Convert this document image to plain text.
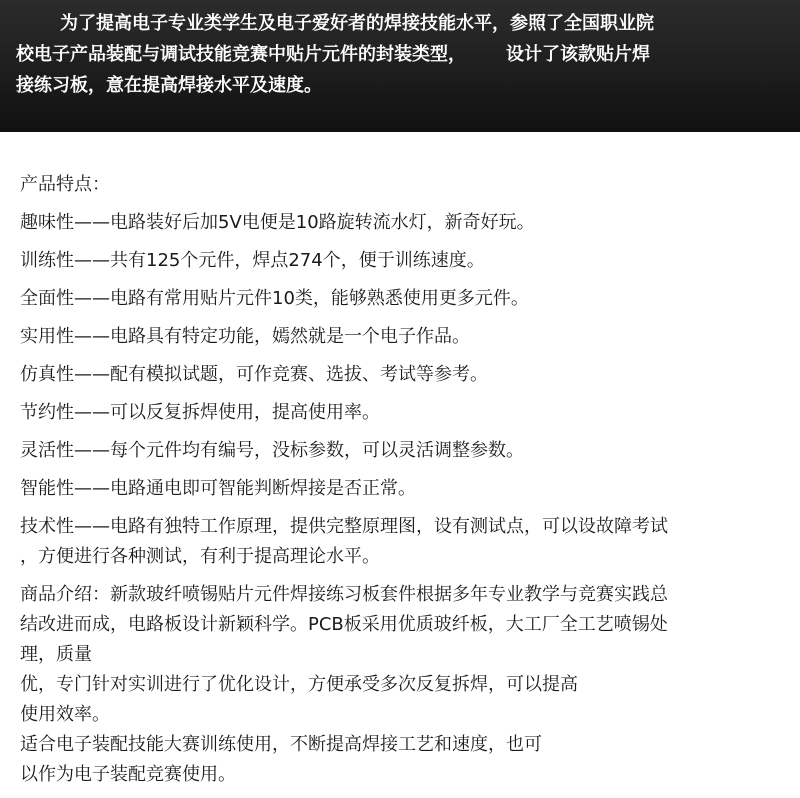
为了提高电子专业类学生及电子爱好者的焊接技能水平，参照了全国职业院

校电子产品装配与调试技能竞赛中贴片元件的封装类型， 设计了该款贴片焊

接练习板，意在提高焊接水平及速度。

产品特点：

趣味性——电路装好后加5V电便是10路旋转流水灯，新奇好玩。

训练性——共有125个元件，焊点274个，便于训练速度。

全面性——电路有常用贴片元件10类，能够熟悉使用更多元件。

实用性——电路具有特定功能，嫣然就是一个电子作品。

仿真性——配有模拟试题，可作竞赛、选拔、考试等参考。

节约性——可以反复拆焊使用，提高使用率。

灵活性——每个元件均有编号，没标参数，可以灵活调整参数。

智能性——电路通电即可智能判断焊接是否正常。

技术性——电路有独特工作原理，提供完整原理图，设有测试点，可以设故障考试
，方便进行各种测试，有利于提高理论水平。

商品介绍：新款玻纤喷锡贴片元件焊接练习板套件根据多年专业教学与竞赛实践总
结改进而成，电路板设计新颖科学。PCB板采用优质玻纤板，大工厂全工艺喷锡处
理，质量
优，专门针对实训进行了优化设计，方便承受多次反复拆焊，可以提高
使用效率。
适合电子装配技能大赛训练使用，不断提高焊接工艺和速度，也可
以作为电子装配竞赛使用。
